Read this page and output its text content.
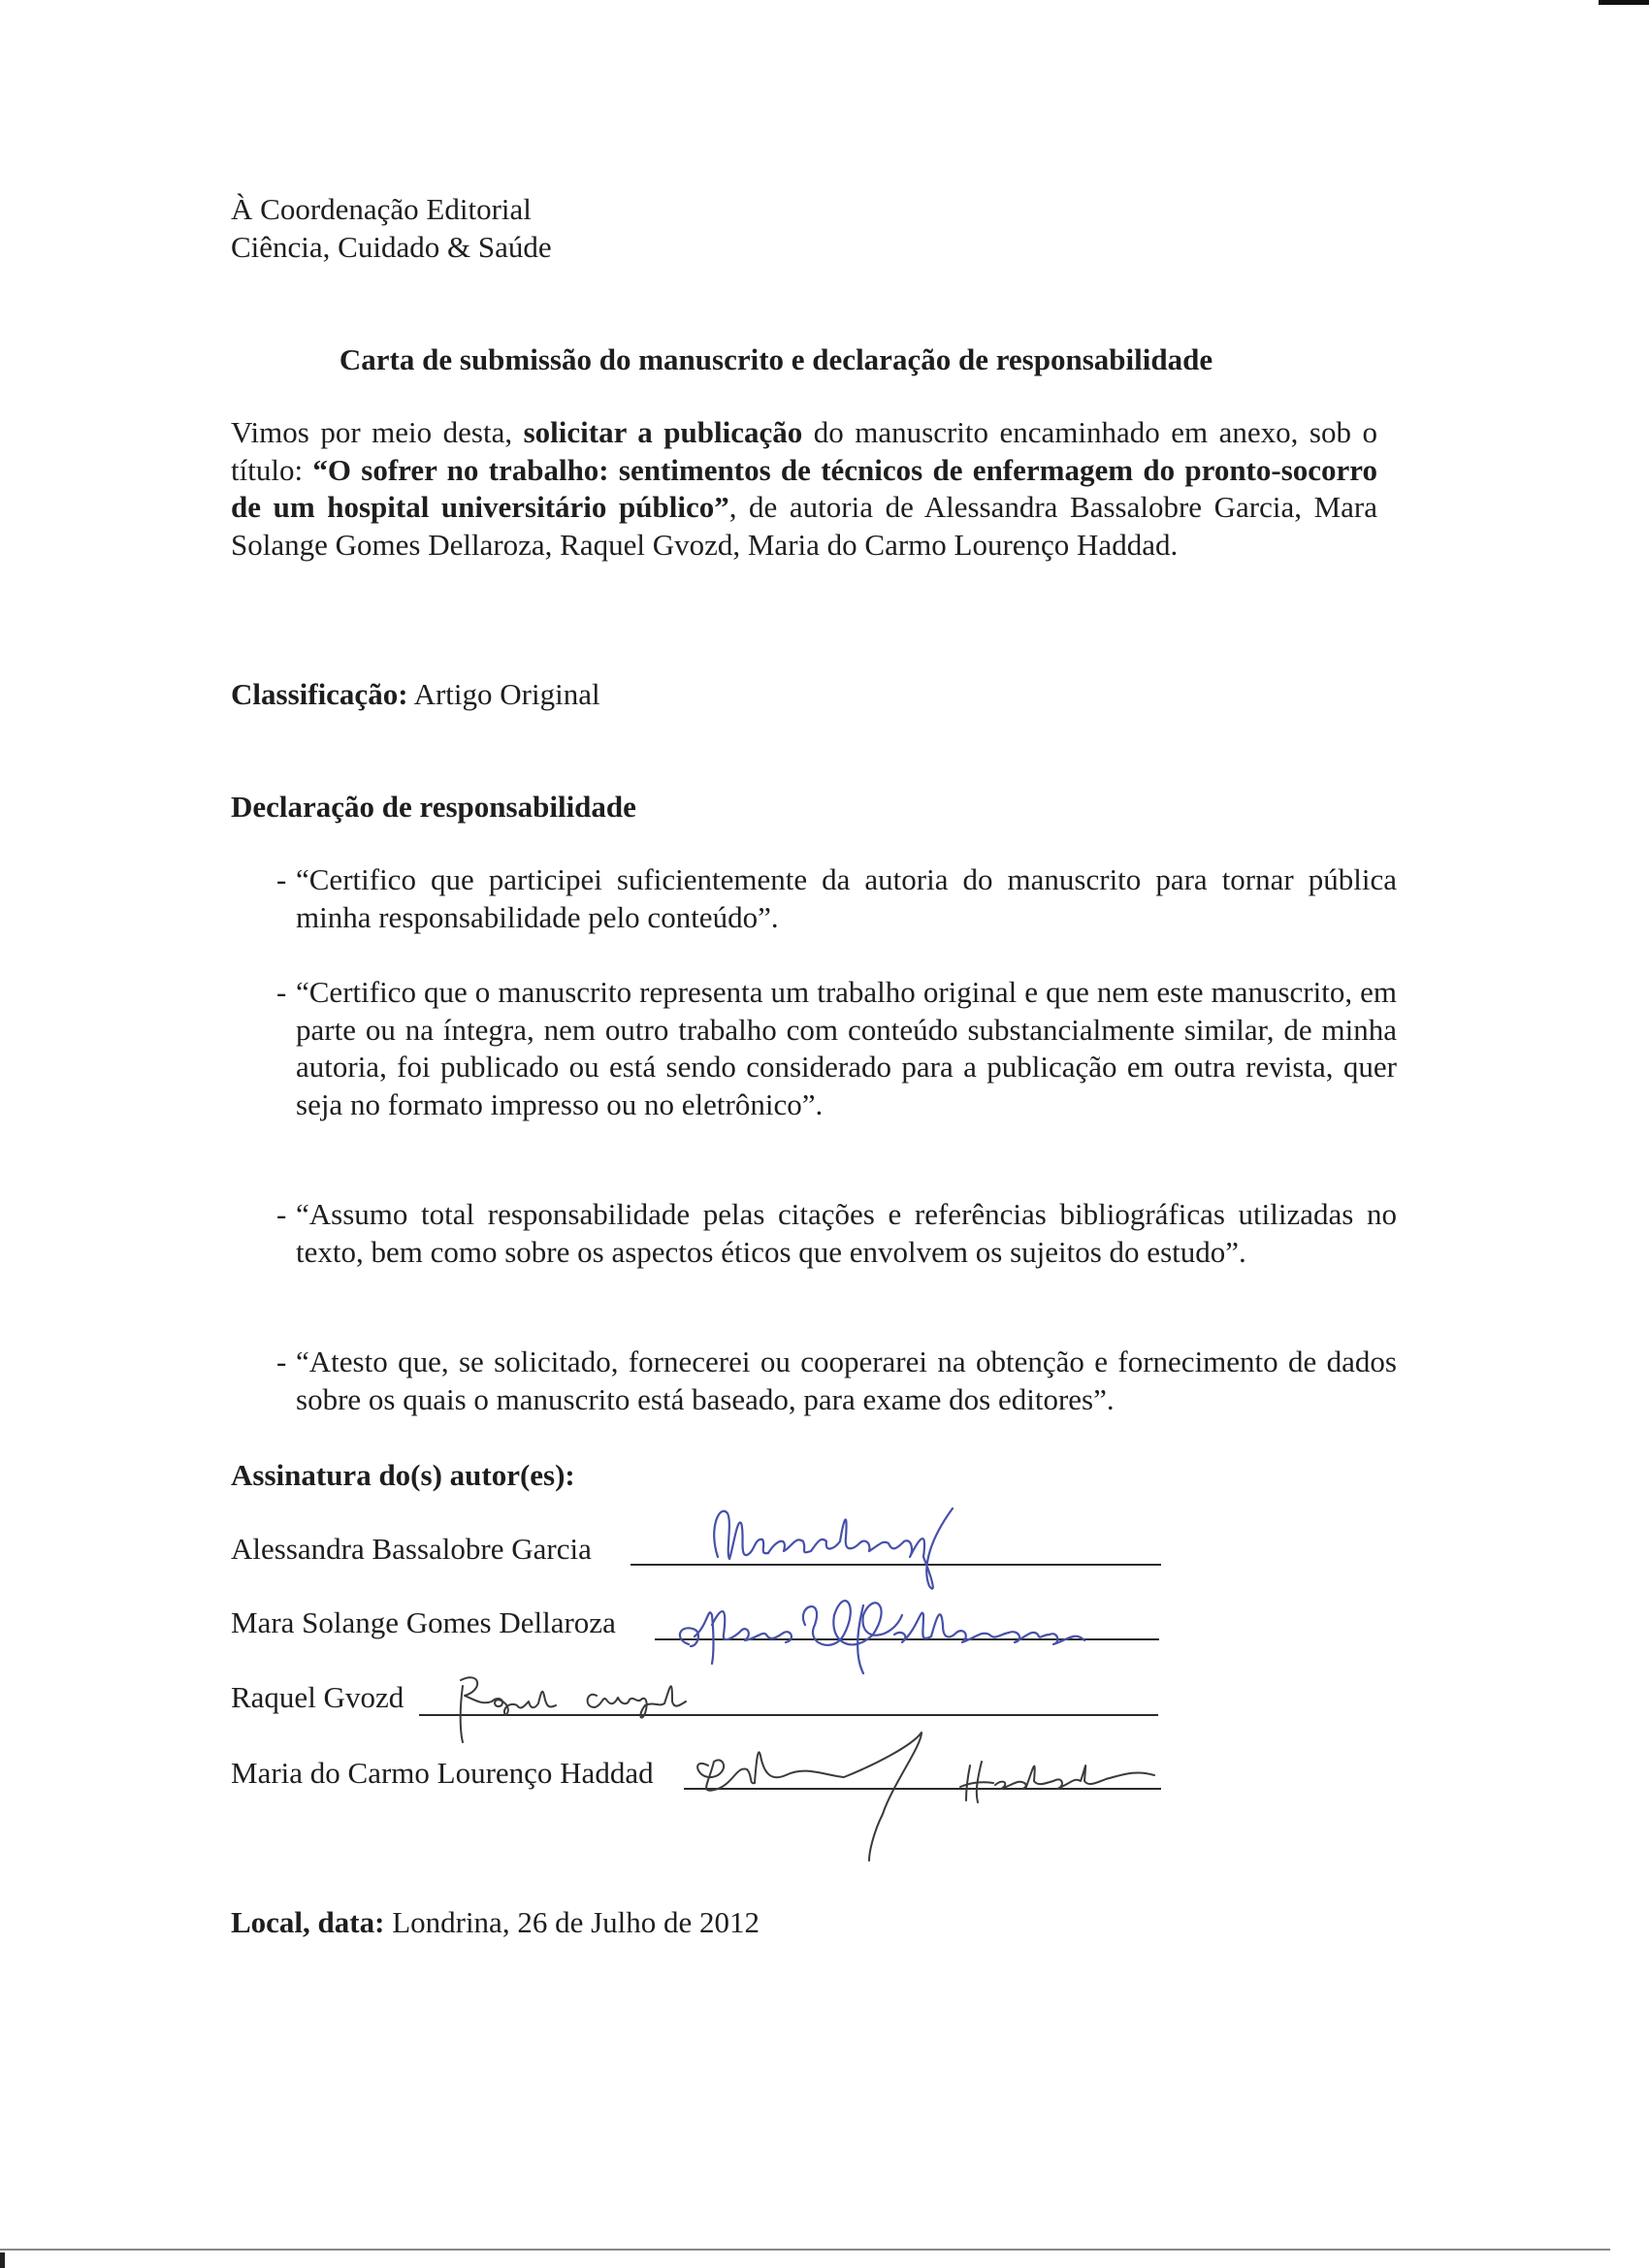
À Coordenação Editorial
Ciência, Cuidado & Saúde
Carta de submissão do manuscrito e declaração de responsabilidade
Vimos por meio desta, solicitar a publicação do manuscrito encaminhado em anexo, sob o título: “O sofrer no trabalho: sentimentos de técnicos de enfermagem do pronto-socorro de um hospital universitário público”, de autoria de Alessandra Bassalobre Garcia, Mara Solange Gomes Dellaroza, Raquel Gvozd, Maria do Carmo Lourenço Haddad.
Classificação: Artigo Original
Declaração de responsabilidade
- “Certifico que participei suficientemente da autoria do manuscrito para tornar pública minha responsabilidade pelo conteúdo”.
- “Certifico que o manuscrito representa um trabalho original e que nem este manuscrito, em parte ou na íntegra, nem outro trabalho com conteúdo substancialmente similar, de minha autoria, foi publicado ou está sendo considerado para a publicação em outra revista, quer seja no formato impresso ou no eletrônico”.
- “Assumo total responsabilidade pelas citações e referências bibliográficas utilizadas no texto, bem como sobre os aspectos éticos que envolvem os sujeitos do estudo”.
- “Atesto que, se solicitado, fornecerei ou cooperarei na obtenção e fornecimento de dados sobre os quais o manuscrito está baseado, para exame dos editores”.
Assinatura do(s) autor(es):
Alessandra Bassalobre Garcia
Mara Solange Gomes Dellaroza
Raquel Gvozd
Maria do Carmo Lourenço Haddad
Local, data: Londrina, 26 de Julho de 2012
